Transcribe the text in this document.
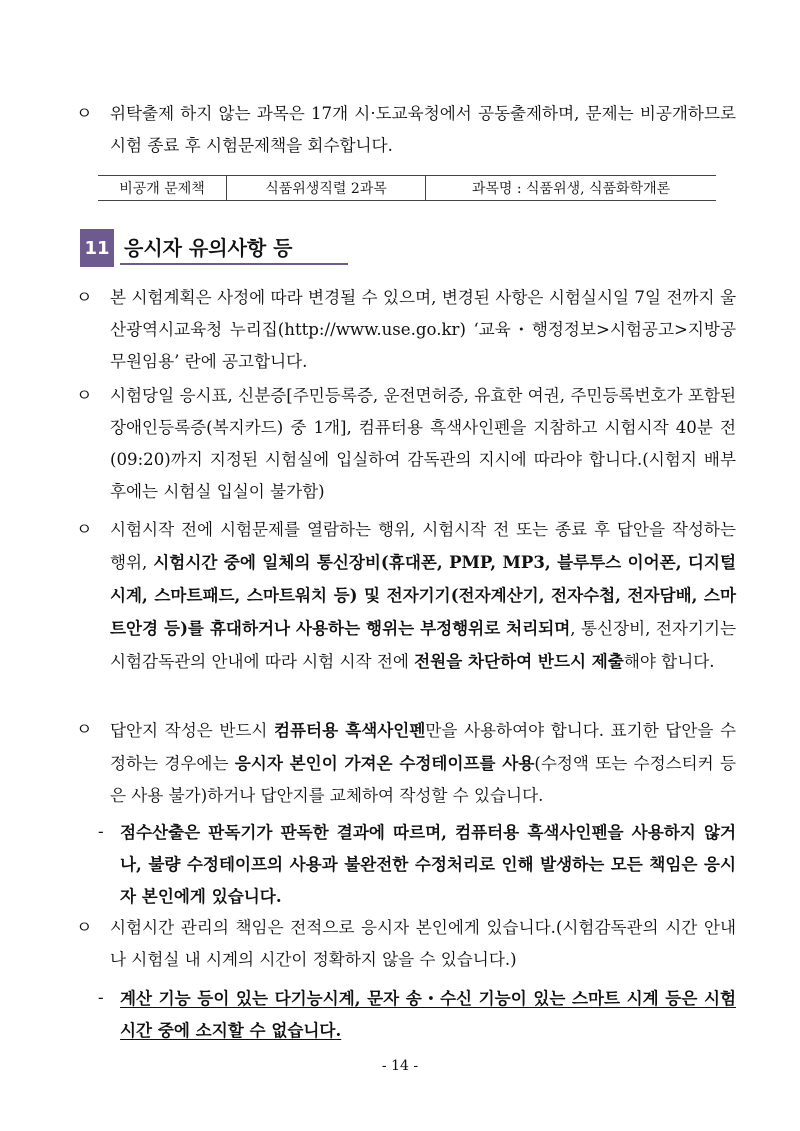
ㅇ 위탁출제 하지 않는 과목은 17개 시·도교육청에서 공동출제하며, 문제는 비공개하므로 시험 종료 후 시험문제책을 회수합니다.
비공개 문제책	식품위생직렬 2과목	과목명 : 식품위생, 식품화학개론
11 응시자 유의사항 등
ㅇ 본 시험계획은 사정에 따라 변경될 수 있으며, 변경된 사항은 시험실시일 7일 전까지 울산광역시교육청 누리집(http://www.use.go.kr) ‘교육・행정정보>시험공고>지방공무원임용’ 란에 공고합니다.
ㅇ 시험당일 응시표, 신분증[주민등록증, 운전면허증, 유효한 여권, 주민등록번호가 포함된 장애인등록증(복지카드) 중 1개], 컴퓨터용 흑색사인펜을 지참하고 시험시작 40분 전(09:20)까지 지정된 시험실에 입실하여 감독관의 지시에 따라야 합니다.(시험지 배부 후에는 시험실 입실이 불가함)
ㅇ 시험시작 전에 시험문제를 열람하는 행위, 시험시작 전 또는 종료 후 답안을 작성하는 행위, 시험시간 중에 일체의 통신장비(휴대폰, PMP, MP3, 블루투스 이어폰, 디지털시계, 스마트패드, 스마트워치 등) 및 전자기기(전자계산기, 전자수첩, 전자담배, 스마트안경 등)를 휴대하거나 사용하는 행위는 부정행위로 처리되며, 통신장비, 전자기기는 시험감독관의 안내에 따라 시험 시작 전에 전원을 차단하여 반드시 제출해야 합니다.
ㅇ 답안지 작성은 반드시 컴퓨터용 흑색사인펜만을 사용하여야 합니다. 표기한 답안을 수정하는 경우에는 응시자 본인이 가져온 수정테이프를 사용(수정액 또는 수정스티커 등은 사용 불가)하거나 답안지를 교체하여 작성할 수 있습니다.
- 점수산출은 판독기가 판독한 결과에 따르며, 컴퓨터용 흑색사인펜을 사용하지 않거나, 불량 수정테이프의 사용과 불완전한 수정처리로 인해 발생하는 모든 책임은 응시자 본인에게 있습니다.
ㅇ 시험시간 관리의 책임은 전적으로 응시자 본인에게 있습니다.(시험감독관의 시간 안내나 시험실 내 시계의 시간이 정확하지 않을 수 있습니다.)
- 계산 기능 등이 있는 다기능시계, 문자 송・수신 기능이 있는 스마트 시계 등은 시험시간 중에 소지할 수 없습니다.
- 14 -
